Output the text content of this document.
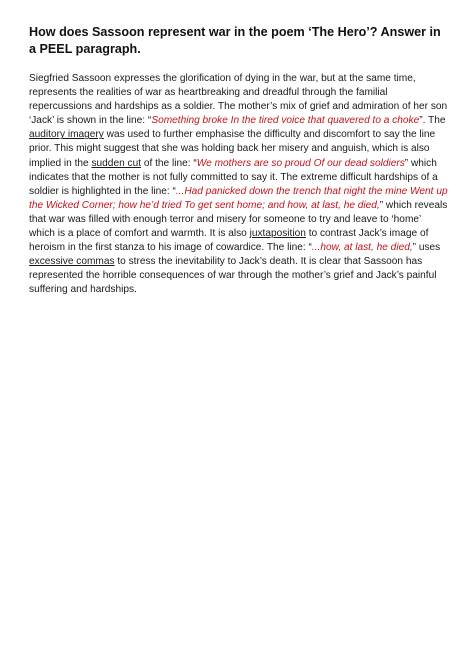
How does Sassoon represent war in the poem ‘The Hero’? Answer in a PEEL paragraph.

Siegfried Sassoon expresses the glorification of dying in the war, but at the same time, represents the realities of war as heartbreaking and dreadful through the familial repercussions and hardships as a soldier. The mother’s mix of grief and admiration of her son ‘Jack’ is shown in the line: “Something broke In the tired voice that quavered to a choke”. The auditory imagery was used to further emphasise the difficulty and discomfort to say the line prior. This might suggest that she was holding back her misery and anguish, which is also implied in the sudden cut of the line: “We mothers are so proud Of our dead soldiers” which indicates that the mother is not fully committed to say it. The extreme difficult hardships of a soldier is highlighted in the line: “...Had panicked down the trench that night the mine Went up the Wicked Corner; how he’d tried To get sent home; and how, at last, he died,” which reveals that war was filled with enough terror and misery for someone to try and leave to ‘home’ which is a place of comfort and warmth. It is also juxtaposition to contrast Jack’s image of heroism in the first stanza to his image of cowardice. The line: “...how, at last, he died,” uses excessive commas to stress the inevitability to Jack’s death. It is clear that Sassoon has represented the horrible consequences of war through the mother’s grief and Jack’s painful suffering and hardships.
